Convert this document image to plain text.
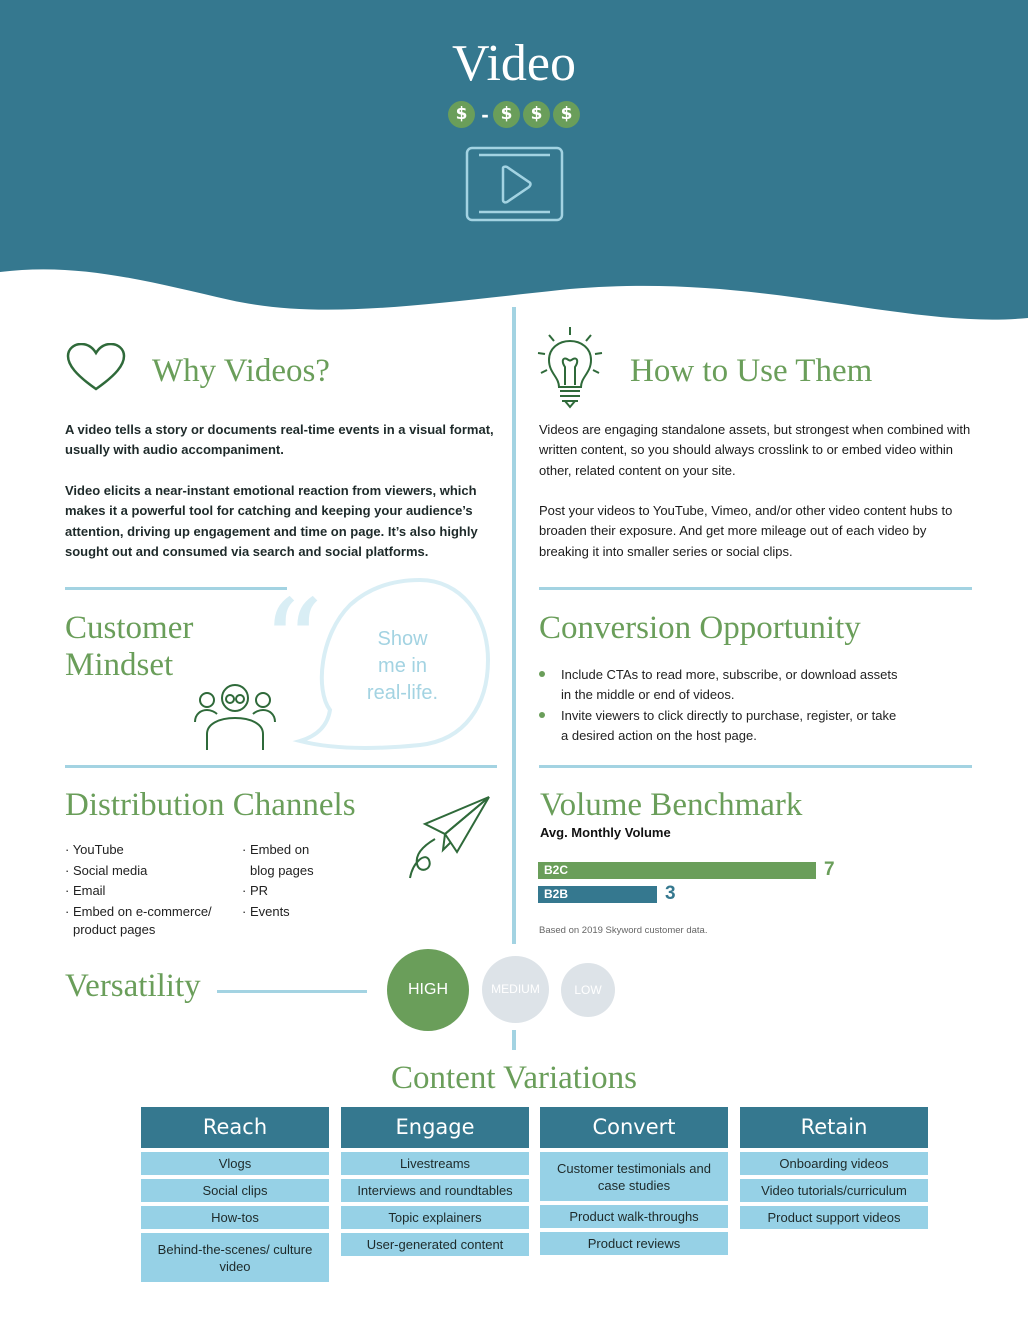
Video
$ - $	$	$
Why Videos?
A video tells a story or documents real-time events in a visual format, usually with audio accompaniment.
Video elicits a near-instant emotional reaction from viewers, which makes it a powerful tool for catching and keeping your audience’s attention, driving up engagement and time on page. It’s also highly sought out and consumed via search and social platforms.
How to Use Them
Videos are engaging standalone assets, but strongest when combined with written content, so you should always crosslink to or embed video within other, related content on your site.
Post your videos to YouTube, Vimeo, and/or other video content hubs to broaden their exposure. And get more mileage out of each video by breaking it into smaller series or social clips.
Customer
Mindset “	Show
me in
real-life.
Conversion Opportunity
Include CTAs to read more, subscribe, or download assets in the middle or end of videos.
Invite viewers to click directly to purchase, register, or take a desired action on the host page.
Distribution Channels
· YouTube
· Social media
· Email
· Embed on e-commerce/
product pages
· Embed on
blog pages
· PR
· Events
Volume Benchmark
Avg. Monthly Volume
B2C	7
B2B	3
Based on 2019 Skyword customer data.
Versatility	HIGH	MEDIUM	LOW
Content Variations
Reach
Vlogs
Social clips
How-tos
Behind-the-scenes/ culture video
Engage
Livestreams
Interviews and roundtables
Topic explainers
User-generated content
Convert
Customer testimonials and case studies
Product walk-throughs
Product reviews
Retain
Onboarding videos
Video tutorials/curriculum
Product support videos
